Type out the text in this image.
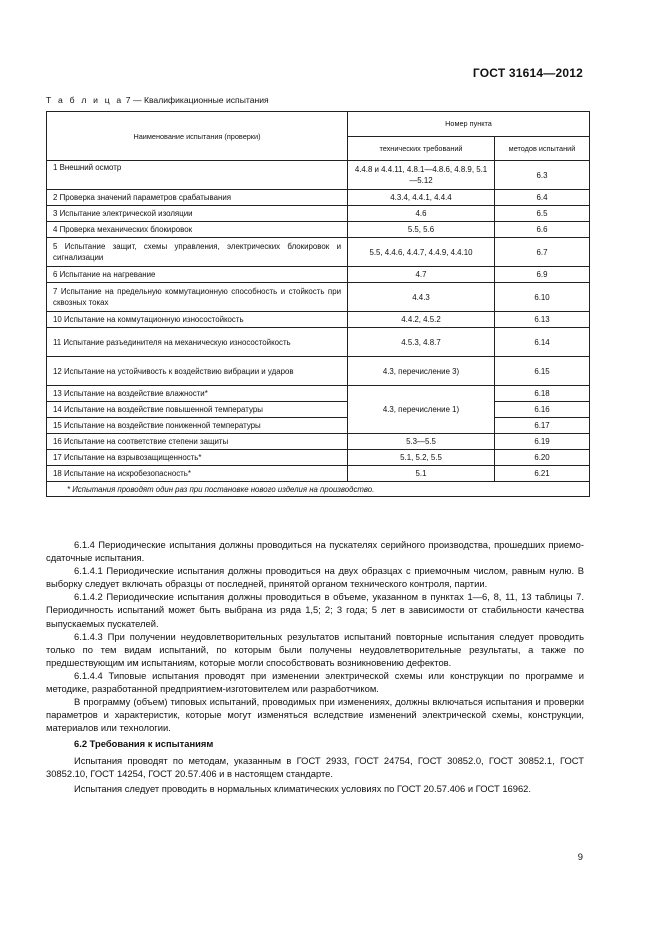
ГОСТ 31614—2012
Т а б л и ц а 7 — Квалификационные испытания
Наименование испытания (проверки)	Номер пункта	
	технических требований	методов испытаний
1 Внешний осмотр	4.4.8 и 4.4.11, 4.8.1—4.8.6, 4.8.9, 5.1—5.12	6.3
2 Проверка значений параметров срабатывания	4.3.4, 4.4.1, 4.4.4	6.4
3 Испытание электрической изоляции	4.6	6.5
4 Проверка механических блокировок	5.5, 5.6	6.6
5 Испытание защит, схемы управления, электрических блокировок и сигнализации	5.5, 4.4.6, 4.4.7, 4.4.9, 4.4.10	6.7
6 Испытание на нагревание	4.7	6.9
7 Испытание на предельную коммутационную способность и стойкость при сквозных токах	4.4.3	6.10
10 Испытание на коммутационную износостойкость	4.4.2, 4.5.2	6.13
11 Испытание разъединителя на механическую износостойкость	4.5.3, 4.8.7	6.14
12 Испытание на устойчивость к воздействию вибрации и ударов	4.3, перечисление 3)	6.15
13 Испытание на воздействие влажности*	4.3, перечисление 1)	6.18
14 Испытание на воздействие повышенной температуры		6.16
15 Испытание на воздействие пониженной температуры		6.17
16 Испытание на соответствие степени защиты	5.3—5.5	6.19
17 Испытание на взрывозащищенность*	5.1, 5.2, 5.5	6.20
18 Испытание на искробезопасность*	5.1	6.21
* Испытания проводят один раз при постановке нового изделия на производство.		

6.1.4 Периодические испытания должны проводиться на пускателях серийного производства, прошедших приемо-сдаточные испытания.

6.1.4.1 Периодические испытания должны проводиться на двух образцах с приемочным числом, равным нулю. В выборку следует включать образцы от последней, принятой органом технического контроля, партии.

6.1.4.2 Периодические испытания должны проводиться в объеме, указанном в пунктах 1—6, 8, 11, 13 таблицы 7. Периодичность испытаний может быть выбрана из ряда 1,5; 2; 3 года; 5 лет в зависимости от стабильности качества выпускаемых пускателей.

6.1.4.3 При получении неудовлетворительных результатов испытаний повторные испытания следует проводить только по тем видам испытаний, по которым были получены неудовлетворительные результаты, а также по предшествующим им испытаниям, которые могли способствовать возникновению дефектов.

6.1.4.4 Типовые испытания проводят при изменении электрической схемы или конструкции по программе и методике, разработанной предприятием-изготовителем или разработчиком.

В программу (объем) типовых испытаний, проводимых при изменениях, должны включаться испытания и проверки параметров и характеристик, которые могут изменяться вследствие изменений электрической схемы, конструкции, материалов или технологии.

6.2 Требования к испытаниям

Испытания проводят по методам, указанным в ГОСТ 2933, ГОСТ 24754, ГОСТ 30852.0, ГОСТ 30852.1, ГОСТ 30852.10, ГОСТ 14254, ГОСТ 20.57.406 и в настоящем стандарте.

Испытания следует проводить в нормальных климатических условиях по ГОСТ 20.57.406 и ГОСТ 16962.

9
